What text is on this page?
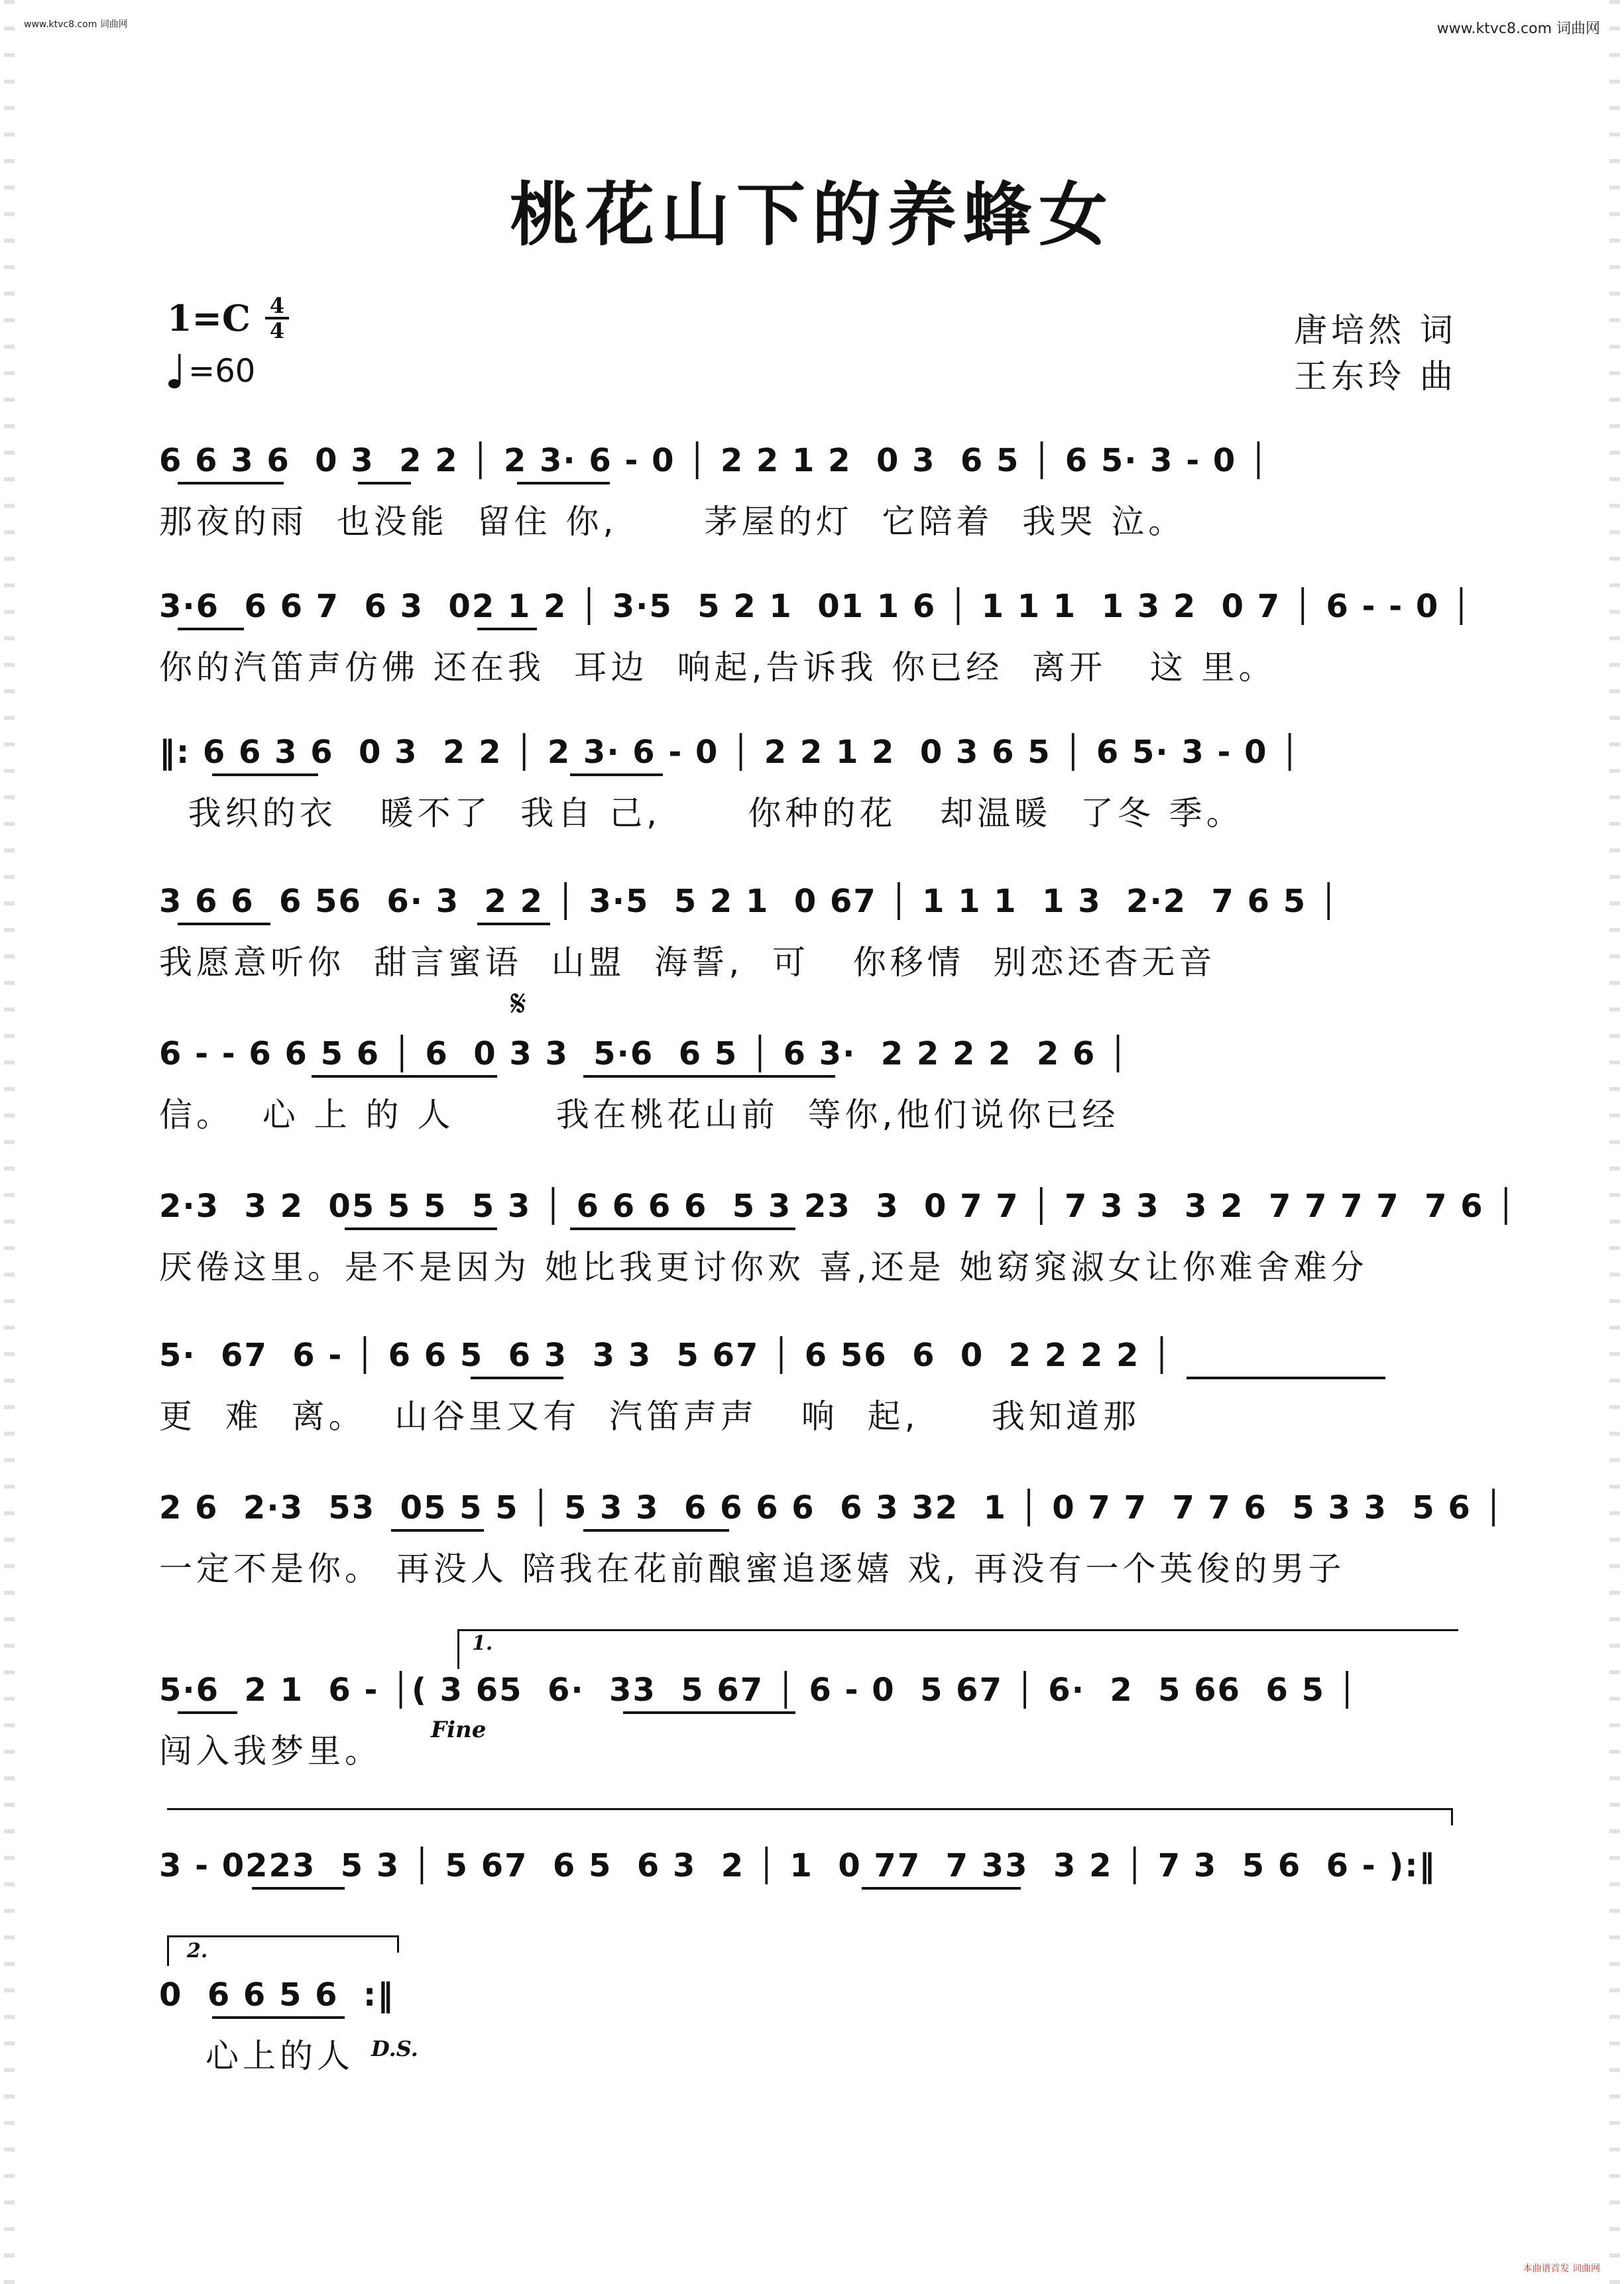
www.ktvc8.com 词曲网	www.ktvc8.com 词曲网
本曲谱首发 词曲网
桃花山下的养蜂女
1=C 4
4
=60
唐培然 词
王东玲 曲
6 6 3 6  0 3  2 2 │ 2 3· 6 - 0 │ 2 2 1 2  0 3  6 5 │ 6 5· 3 - 0 │
那夜的雨  也没能  留住 你,      茅屋的灯  它陪着  我哭 泣。
3·6  6 6 7  6 3  02 1 2 │ 3·5  5 2 1  01 1 6 │ 1 1 1  1 3 2  0 7 │ 6 - - 0 │
你的汽笛声仿佛 还在我  耳边  响起,告诉我 你已经  离开   这 里。
‖: 6 6 3 6  0 3  2 2 │ 2 3· 6 - 0 │ 2 2 1 2  0 3 6 5 │ 6 5· 3 - 0 │
我织的衣   暖不了  我自 己,      你种的花   却温暖  了冬 季。
3 6 6  6 56  6· 3  2 2 │ 3·5  5 2 1  0 67 │ 1 1 1  1 3  2·2  7 6 5 │
我愿意听你  甜言蜜语  山盟  海誓,  可   你移情  别恋还杳无音
𝄋
6 - - 6 6 5 6 │ 6  0 3 3  5·6  6 5 │ 6 3·  2 2 2 2  2 6 │
信。  心 上 的 人       我在桃花山前  等你,他们说你已经
2·3  3 2  05 5 5  5 3 │ 6 6 6 6  5 3 23  3  0 7 7 │ 7 3 3  3 2  7 7 7 7  7 6 │
厌倦这里。是不是因为 她比我更讨你欢 喜,还是 她窈窕淑女让你难舍难分
5·  67  6 - │ 6 6 5  6 3  3 3  5 67 │ 6 56  6  0  2 2 2 2 │
更  难  离。  山谷里又有  汽笛声声   响  起,     我知道那
2 6  2·3  53  05 5 5 │ 5 3 3  6 6 6 6  6 3 32  1 │ 0 7 7  7 7 6  5 3 3  5 6 │
一定不是你。 再没人 陪我在花前酿蜜追逐嬉 戏, 再没有一个英俊的男子
1.
5·6  2 1  6 - │( 3 65  6·  33  5 67 │ 6 - 0  5 67 │ 6·  2  5 66  6 5 │
闯入我梦里。
Fine
3 - 0223  5 3 │ 5 67  6 5  6 3  2 │ 1  0 77  7 33  3 2 │ 7 3  5 6  6 - ):‖
2.
0  6 6 5 6  :‖
心上的人 D.S.
